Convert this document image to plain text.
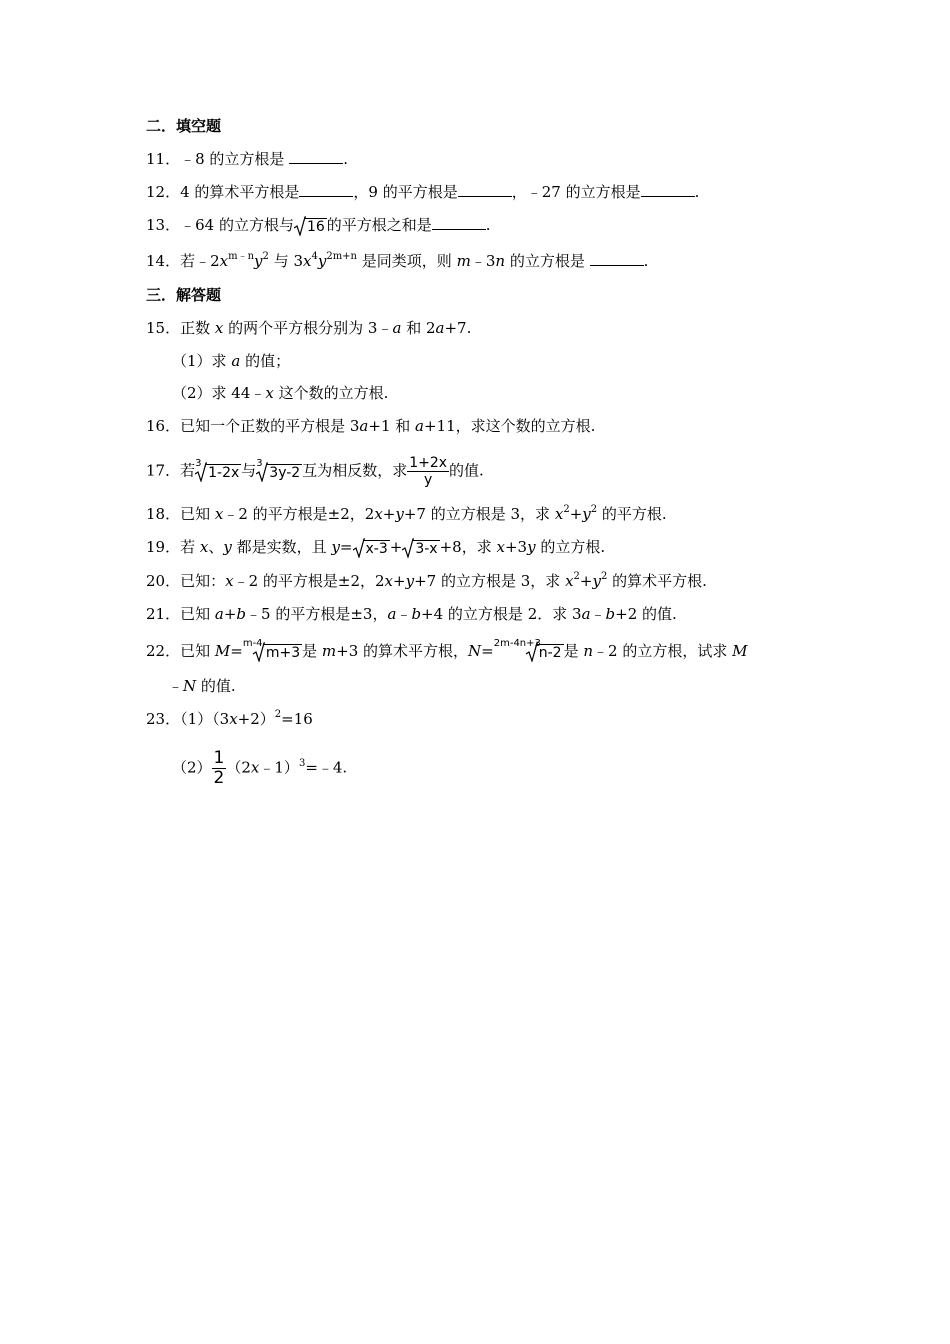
二．填空题
11．﹣8 的立方根是	.
12．4 的算术平方根是	，9 的平方根是	，﹣27 的立方根是	.
13．﹣64 的立方根与 16 的平方根之和是	.
14．若$﹣2x^{m﹣n}y^2$ 与 $3x^4y^{2m+n}$ 是同类项，则 m﹣3n 的立方根是	.
三．解答题
15．正数 x 的两个平方根分别为 3﹣a 和 2a+7.
（1）求 a 的值；
（2）求 44﹣x 这个数的立方根.
16．已知一个正数的平方根是 3a+1 和 a+11，求这个数的立方根.
17．若 3
1-2x 与 3
3y-2 互为相反数，求 $\frac{1+2x}{y}$ 的值.
18．已知 x﹣2 的平方根是±2，2x+y+7 的立方根是 3，求 $x^2+y^2$ 的平方根.
19．若 x、y 都是实数，且 y= x-3 + 3-x +8，求 x+3y 的立方根.
20．已知：x﹣2 的平方根是±2，2x+y+7 的立方根是 3，求 $x^2+y^2$ 的算术平方根.
21．已知 a+b﹣5 的平方根是±3，a﹣b+4 的立方根是 2．求 3a﹣b+2 的值.
22．已知 M= m-4
m+3 是 m+3 的算术平方根，N= 2m-4n+3
n-2 是 n﹣2 的立方根，试求 M
﹣N 的值.
23．$(1)(3x+2)^2=16$
$(2) \frac{1}{2}$ （2x﹣1）$^3$=﹣4.
